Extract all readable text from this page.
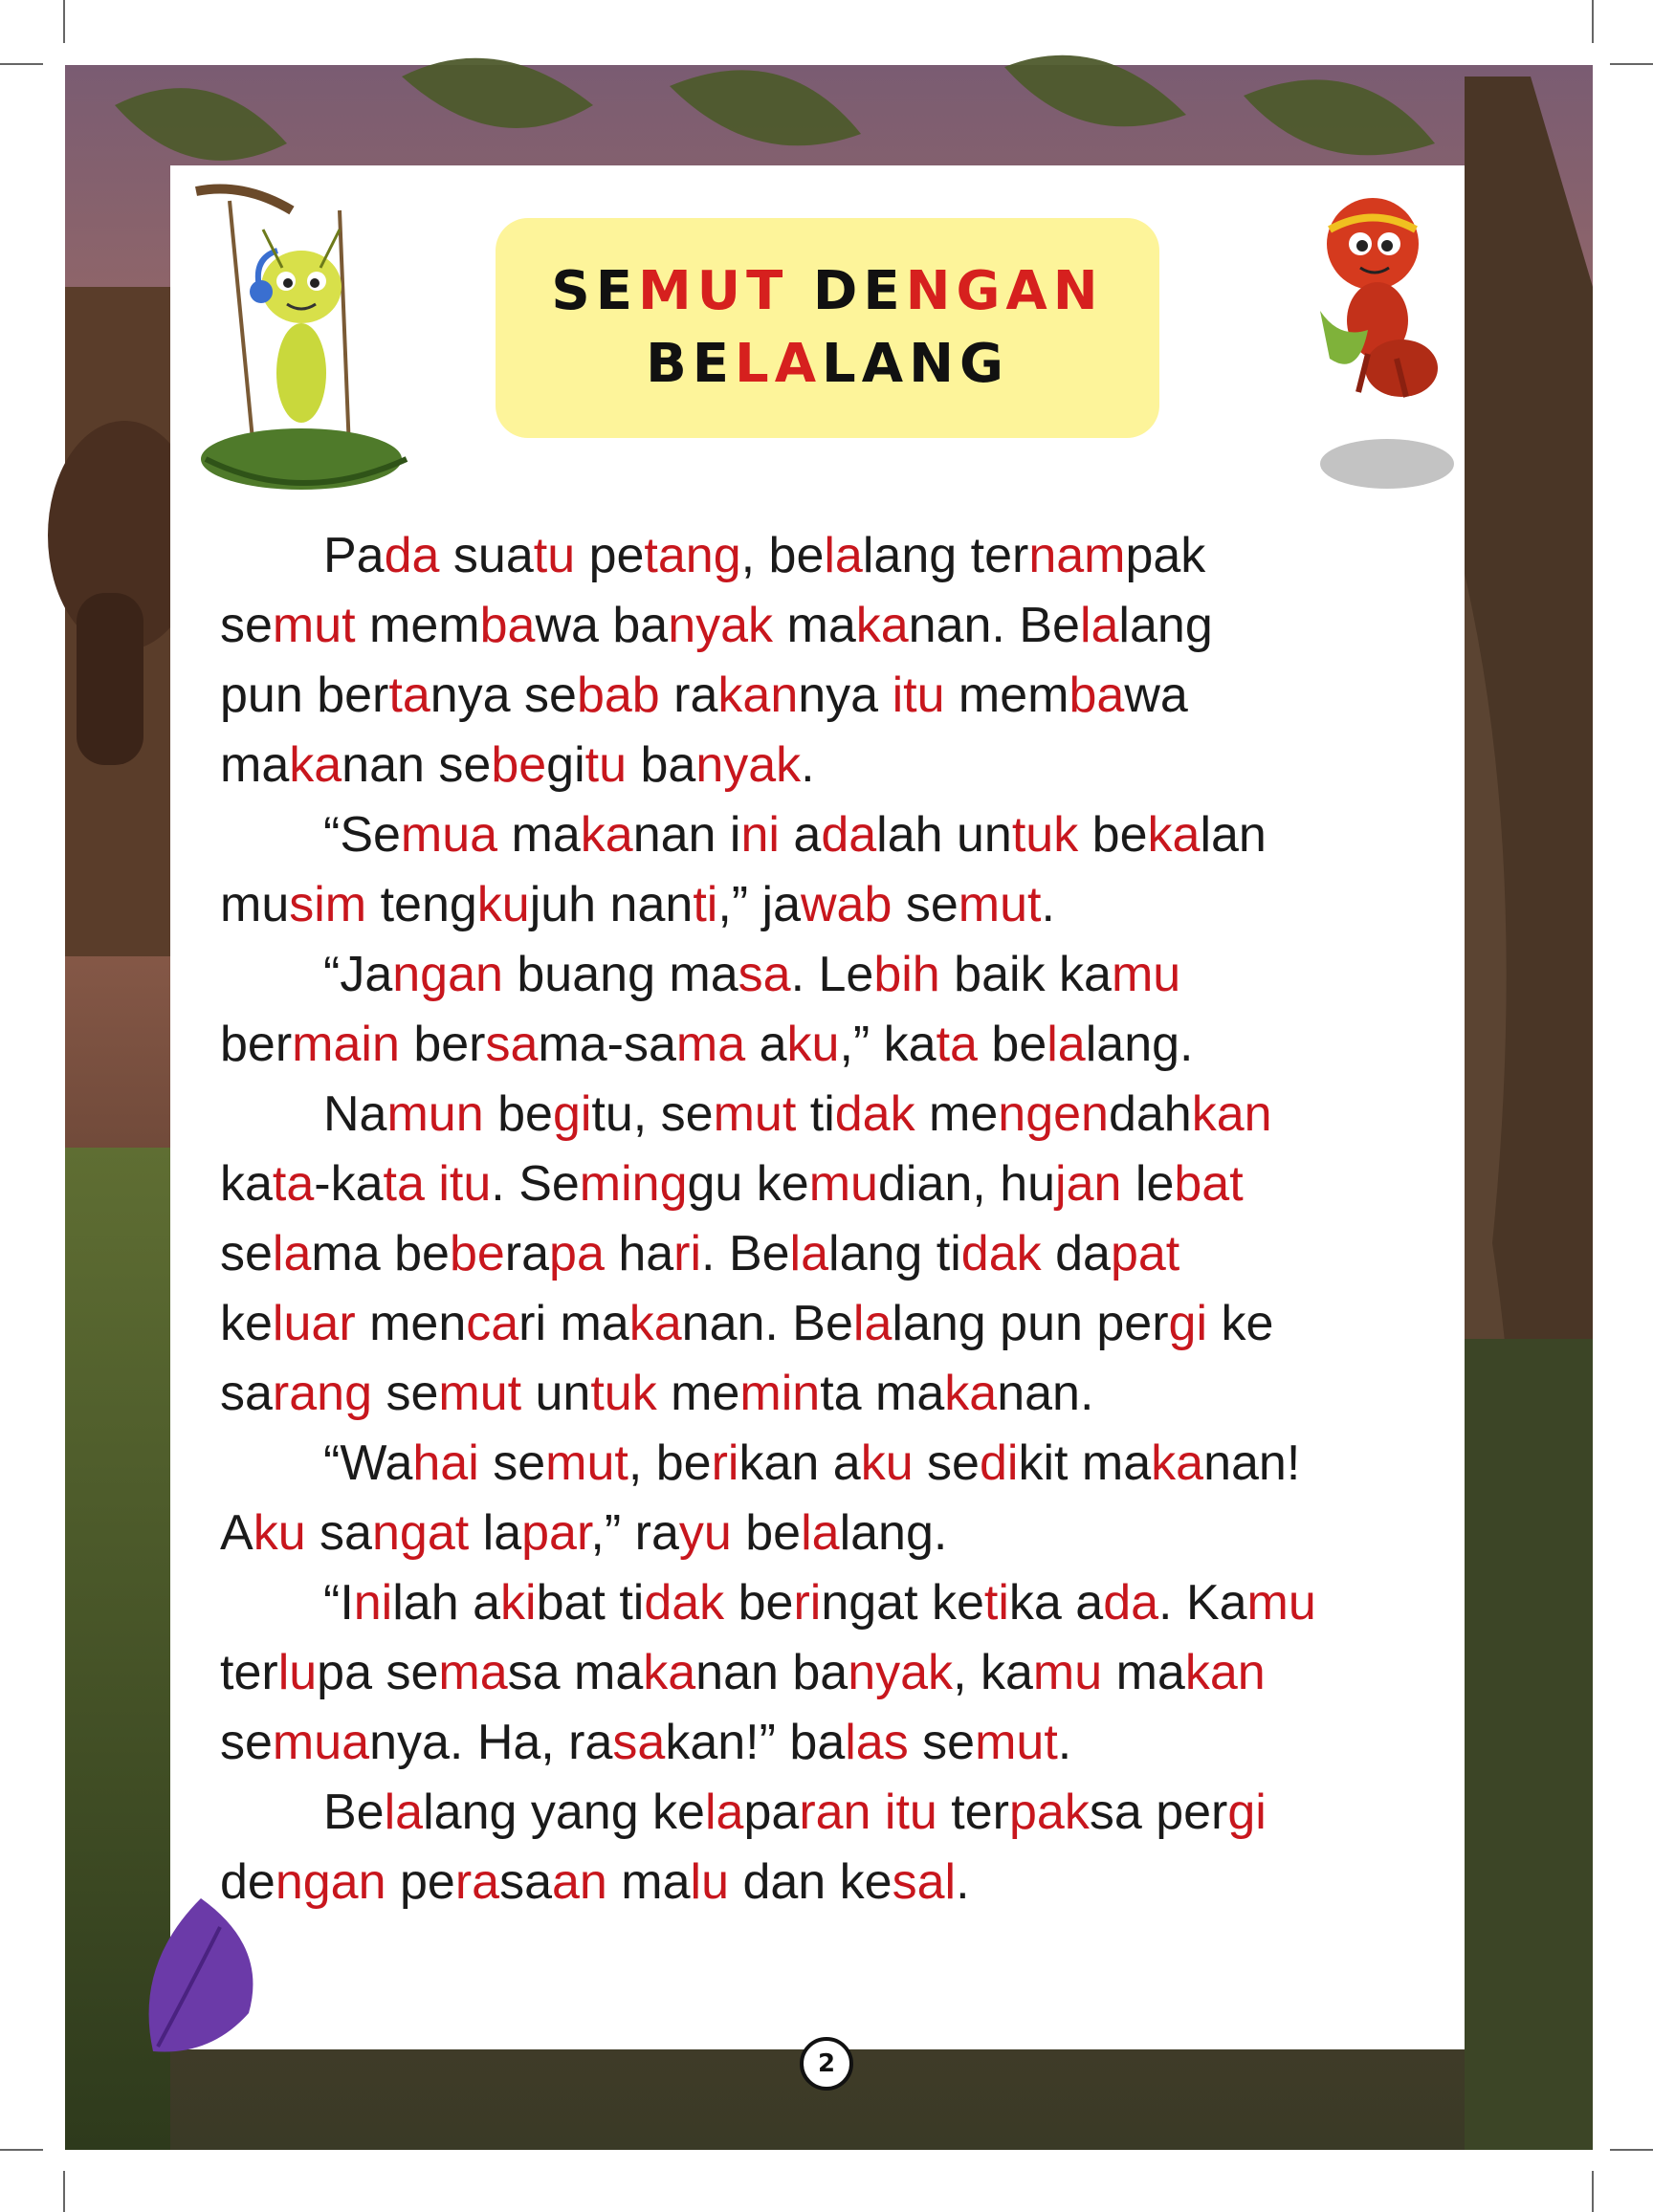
SEMUT DENGAN
BELALANG

Pada suatu petang, belalang ternampak

semut membawa banyak makanan. Belalang

pun bertanya sebab rakannya itu membawa

makanan sebegitu banyak.

“Semua makanan ini adalah untuk bekalan

musim tengkujuh nanti,” jawab semut.

“Jangan buang masa. Lebih baik kamu

bermain bersama-sama aku,” kata belalang.

Namun begitu, semut tidak mengendahkan

kata-kata itu. Seminggu kemudian, hujan lebat

selama beberapa hari. Belalang tidak dapat

keluar mencari makanan. Belalang pun pergi ke

sarang semut untuk meminta makanan.

“Wahai semut, berikan aku sedikit makanan!

Aku sangat lapar,” rayu belalang.

“Inilah akibat tidak beringat ketika ada. Kamu

terlupa semasa makanan banyak, kamu makan

semuanya. Ha, rasakan!” balas semut.

Belalang yang kelaparan itu terpaksa pergi

dengan perasaan malu dan kesal.

2
